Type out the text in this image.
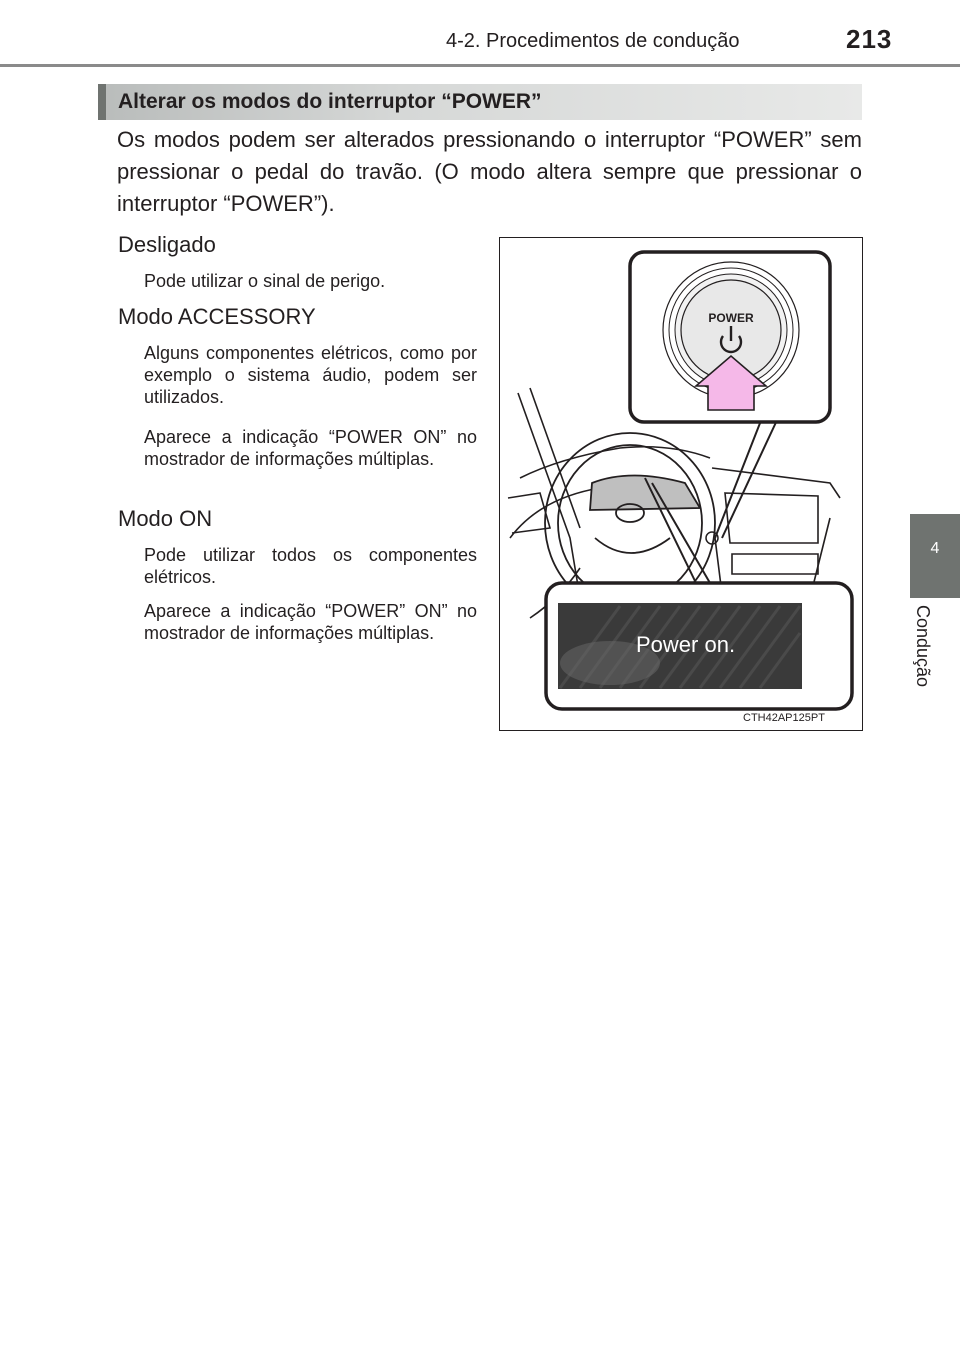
4-2. Procedimentos de condução	213
4
Condução
Alterar os modos do interruptor “POWER”
Os modos podem ser alterados pressionando o interruptor “POWER” sem pressionar o pedal do travão. (O modo altera sempre que pressionar o interruptor “POWER”).
Desligado
Pode utilizar o sinal de perigo.
Modo ACCESSORY
Alguns componentes elétricos, como por exemplo o sistema áudio, podem ser utilizados.
Aparece a indicação “POWER ON” no mostrador de informações múltiplas.
Modo ON
Pode utilizar todos os componentes elétricos.
Aparece a indicação “POWER” ON” no mostrador de informações múltiplas.
POWER
Power on.
CTH42AP125PT
